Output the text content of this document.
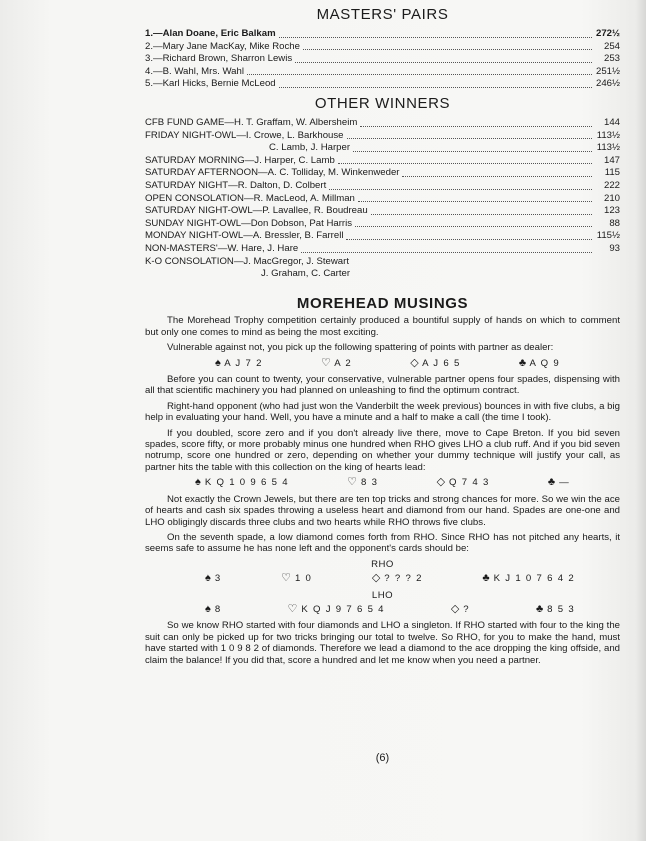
MASTERS' PAIRS
1.—Alan Doane, Eric Balkam	272½
2.—Mary Jane MacKay, Mike Roche	254
3.—Richard Brown, Sharron Lewis	253
4.—B. Wahl, Mrs. Wahl	251½
5.—Karl Hicks, Bernie McLeod	246½
OTHER WINNERS
CFB FUND GAME—H. T. Graffam, W. Albersheim	144
FRIDAY NIGHT-OWL—I. Crowe, L. Barkhouse	113½
C. Lamb, J. Harper	113½
SATURDAY MORNING—J. Harper, C. Lamb	147
SATURDAY AFTERNOON—A. C. Tolliday, M. Winkenweder	115
SATURDAY NIGHT—R. Dalton, D. Colbert	222
OPEN CONSOLATION—R. MacLeod, A. Millman	210
SATURDAY NIGHT-OWL—P. Lavallee, R. Boudreau	123
SUNDAY NIGHT-OWL—Don Dobson, Pat Harris	88
MONDAY NIGHT-OWL—A. Bressler, B. Farrell	115½
NON-MASTERS'—W. Hare, J. Hare	93
K-O CONSOLATION—J. MacGregor, J. Stewart
J. Graham, C. Carter
MOREHEAD MUSINGS

The Morehead Trophy competition certainly produced a bountiful supply of hands on which to comment but only one comes to mind as being the most exciting.

Vulnerable against not, you pick up the following spattering of points with partner as dealer:

♠ A J 7 2	♡ A 2	◇ A J 6 5	♣ A Q 9

Before you can count to twenty, your conservative, vulnerable partner opens four spades, dispensing with all that scientific machinery you had planned on unleashing to find the optimum contract.

Right-hand opponent (who had just won the Vanderbilt the week previous) bounces in with five clubs, a big help in evaluating your hand. Well, you have a minute and a half to make a call (the time I took).

If you doubled, score zero and if you don't already live there, move to Cape Breton. If you bid seven spades, score fifty, or more probably minus one hundred when RHO gives LHO a club ruff. And if you bid seven notrump, score one hundred or zero, depending on whether your dummy technique will justify your call, as partner hits the table with this collection on the king of hearts lead:

♠ K Q 1 0 9 6 5 4	♡ 8 3	◇ Q 7 4 3	♣ —

Not exactly the Crown Jewels, but there are ten top tricks and strong chances for more. So we win the ace of hearts and cash six spades throwing a useless heart and diamond from our hand. Spades are one-one and LHO obligingly discards three clubs and two hearts while RHO throws five clubs.

On the seventh spade, a low diamond comes forth from RHO. Since RHO has not pitched any hearts, it seems safe to assume he has none left and the opponent's cards should be:

RHO
♠ 3	♡ 1 0	◇ ? ? ? 2	♣ K J 1 0 7 6 4 2
LHO
♠ 8	♡ K Q J 9 7 6 5 4	◇ ?	♣ 8 5 3

So we know RHO started with four diamonds and LHO a singleton. If RHO started with four to the king the suit can only be picked up for two tricks bringing our total to twelve. So RHO, for you to make the hand, must have started with 1 0 9 8 2 of diamonds. Therefore we lead a diamond to the ace dropping the king offside, and claim the balance! If you did that, score a hundred and let me know when you need a partner.

(6)
